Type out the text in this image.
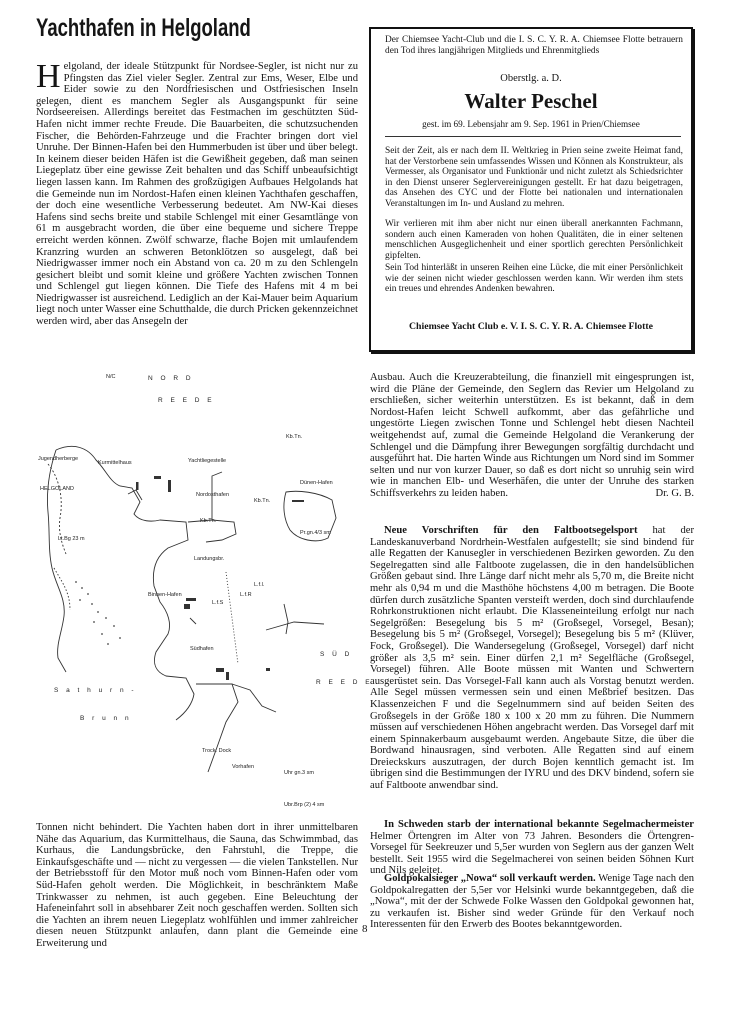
Yachthafen in Helgoland

Helgoland, der ideale Stützpunkt für Nordsee-Segler, ist nicht nur zu Pfingsten das Ziel vieler Segler. Zentral zur Ems, Weser, Elbe und Eider sowie zu den Nordfriesischen und Ostfriesischen Inseln gelegen, dient es manchem Segler als Ausgangspunkt für seine Nordseereisen. Allerdings bereitet das Festmachen im geschützten Süd-Hafen nicht immer rechte Freude. Die Bauarbeiten, die schutzsuchenden Fischer, die Behörden-Fahrzeuge und die Frachter bringen dort viel Unruhe. Der Binnen-Hafen bei den Hummerbuden ist über und über belegt. In keinem dieser beiden Häfen ist die Gewißheit gegeben, daß man seinen Liegeplatz über eine gewisse Zeit behalten und das Schiff unbeaufsichtigt liegen lassen kann. Im Rahmen des großzügigen Aufbaues Helgolands hat die Gemeinde nun im Nordost-Hafen einen kleinen Yachthafen geschaffen, der doch eine wesentliche Verbesserung bedeutet. Am NW-Kai dieses Hafens sind sechs breite und stabile Schlengel mit einer Gesamtlänge von 61 m ausgebracht worden, die über eine bequeme und sichere Treppe erreicht werden können. Zwölf schwarze, flache Bojen mit umlaufendem Kranzring wurden an schweren Betonklötzen so ausgelegt, daß bei Niedrigwasser immer noch ein Abstand von ca. 20 m zu den Schlengeln gesichert bleibt und somit kleine und größere Yachten zwischen Tonnen und Schlengel gut liegen können. Die Tiefe des Hafens mit 4 m bei Niedrigwasser ist ausreichend. Lediglich an der Kai-Mauer beim Aquarium liegt noch unter Wasser eine Schutthalde, die durch Pricken gekennzeichnet werden wird, aber das Ansegeln der

Der Chiemsee Yacht-Club und die I. S. C. Y. R. A. Chiemsee Flotte betrauern den Tod ihres langjährigen Mitglieds und Ehrenmitglieds

Oberstlg. a. D.

Walter Peschel

gest. im 69. Lebensjahr am 9. Sep. 1961 in Prien/Chiemsee

Seit der Zeit, als er nach dem II. Weltkrieg in Prien seine zweite Heimat fand, hat der Verstorbene sein umfassendes Wissen und Können als Konstrukteur, als Vermesser, als Organisator und Funktionär und nicht zuletzt als Schiedsrichter in den Dienst unserer Seglervereinigungen gestellt. Er hat dazu beigetragen, das Ansehen des CYC und der Flotte bei nationalen und internationalen Veranstaltungen im In- und Ausland zu mehren.

Wir verlieren mit ihm aber nicht nur einen überall anerkannten Fachmann, sondern auch einen Kameraden von hohen Qualitäten, die in einer seltenen menschlichen Ausgeglichenheit und einer sportlich gerechten Persönlichkeit gipfelten.

Sein Tod hinterläßt in unseren Reihen eine Lücke, die mit einer Persönlichkeit wie der seinen nicht wieder geschlossen werden kann. Wir werden ihm stets ein treues und ehrendes Andenken bewahren.

Chiemsee Yacht Club e. V. I. S. C. Y. R. A. Chiemsee Flotte

N/C	N O R D
R E E D E
Jugendherberge
Kurmittelhaus	Yachtliegestelle
HELGOLAND
Nordosthafen
Dünen-Hafen
Kb.Tn.
Kb.Tn.
Kb.Tn.
Pr.gn.4/3 sm
Lt.Bg 23 m
Landungsbr.
Binnen-Hafen
L.f.l.
L.f.R
L.f.S
Südhafen
S Ü D
R E E D E
S a t h u r n -
B r u n n
Trock. Dock
Vorhafen
Uhr gn.3 sm
Ubr.Brp (2) 4 sm

Tonnen nicht behindert. Die Yachten haben dort in ihrer unmittelbaren Nähe das Aquarium, das Kurmittelhaus, die Sauna, das Schwimmbad, das Kurhaus, die Landungsbrücke, den Fahrstuhl, die Treppe, die Einkaufsgeschäfte und — nicht zu vergessen — die vielen Tankstellen. Nur der Betriebsstoff für den Motor muß noch vom Binnen-Hafen oder vom Süd-Hafen geholt werden. Die Möglichkeit, in beschränktem Maße Trinkwasser zu nehmen, ist auch gegeben. Eine Beleuchtung der Hafeneinfahrt soll in absehbarer Zeit noch geschaffen werden. Sollten sich die Yachten an ihrem neuen Liegeplatz wohlfühlen und immer zahlreicher diesen neuen Stützpunkt anlaufen, dann plant die Gemeinde eine Erweiterung und

Ausbau. Auch die Kreuzerabteilung, die finanziell mit eingesprungen ist, wird die Pläne der Gemeinde, den Seglern das Revier um Helgoland zu erschließen, sicher weiterhin unterstützen. Es ist bekannt, daß in dem Nordost-Hafen leicht Schwell aufkommt, aber das gefährliche und ungestörte Liegen zwischen Tonne und Schlengel hebt diesen Nachteil weitgehendst auf, zumal die Gemeinde Helgoland die Verankerung der Schlengel und die Dämpfung ihrer Bewegungen sorgfältig durchdacht und ausgeführt hat. Die harten Winde aus Richtungen um Nord sind im Sommer selten und nur von kurzer Dauer, so daß es dort nicht so unruhig sein wird wie in manchen Elb- und Weserhäfen, die unter der Unruhe des starken Schiffsverkehrs zu leiden haben.	Dr. G. B.

Neue Vorschriften für den Faltbootsegelsport hat der Landeskanuverband Nordrhein-Westfalen aufgestellt; sie sind bindend für alle Regatten der Kanusegler in verschiedenen Bezirken geworden. Zu den Segelregatten sind alle Faltboote zugelassen, die in den handelsüblichen Größen gebaut sind. Ihre Länge darf nicht mehr als 5,70 m, die Breite nicht mehr als 0,94 m und die Masthöhe höchstens 4,00 m betragen. Die Boote dürfen durch zusätzliche Spanten versteift werden, doch sind durchlaufende Rohrkonstruktionen nicht erlaubt. Die Klasseneinteilung erfolgt nur nach Segelgrößen: Besegelung bis 5 m² (Großsegel, Vorsegel, Besan); Besegelung bis 5 m² (Großsegel, Vorsegel); Besegelung bis 5 m² (Klüver, Fock, Großsegel). Die Wandersegelung (Großsegel, Vorsegel) darf nicht größer als 3,5 m² sein. Einer dürfen 2,1 m² Segelfläche (Großsegel, Vorsegel) führen. Alle Boote müssen mit Wanten und Schwertern ausgerüstet sein. Das Vorsegel-Fall kann auch als Vorstag benutzt werden. Alle Segel müssen vermessen sein und einen Meßbrief besitzen. Das Klassenzeichen F und die Segelnummern sind auf beiden Seiten des Großsegels in der Größe 180 x 100 x 20 mm zu führen. Die Nummern müssen auf verschiedenen Höhen angebracht werden. Das Vorsegel darf mit einem Spinnakerbaum ausgebaumt werden. Angebaute Sitze, die über die Bordwand hinausragen, sind verboten. Alle Regatten sind auf einem Dreieckskurs auszutragen, der durch Bojen kenntlich gemacht ist. Im übrigen sind die Bestimmungen der IYRU und des DKV bindend, sofern sie auf Faltboote anwendbar sind.

In Schweden starb der international bekannte Segelmachermeister Helmer Örtengren im Alter von 73 Jahren. Besonders die Örtengren-Vorsegel für Seekreuzer und 5,5er wurden von Seglern aus der ganzen Welt bestellt. Seit 1955 wird die Segelmacherei von seinen beiden Söhnen Kurt und Nils geleitet.

Goldpokalsieger „Nowa“ soll verkauft werden. Wenige Tage nach den Goldpokalregatten der 5,5er vor Helsinki wurde bekanntgegeben, daß die „Nowa“, mit der der Schwede Folke Wassen den Goldpokal gewonnen hat, zu verkaufen ist. Bisher sind weder Gründe für den Verkauf noch Interessenten für den Erwerb des Bootes bekanntgeworden.

8
